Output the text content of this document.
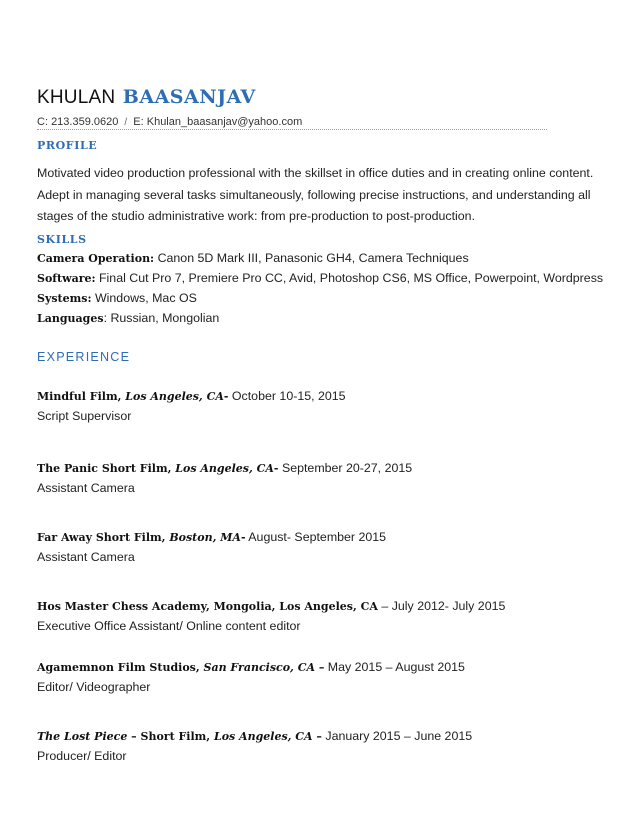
KHULAN BAASANJAV
C: 213.359.0620 / E: Khulan_baasanjav@yahoo.com
PROFILE
Motivated video production professional with the skillset in office duties and in creating online content. Adept in managing several tasks simultaneously, following precise instructions, and understanding all stages of the studio administrative work: from pre-production to post-production.
SKILLS
Camera Operation: Canon 5D Mark III, Panasonic GH4, Camera Techniques
Software: Final Cut Pro 7, Premiere Pro CC, Avid, Photoshop CS6, MS Office, Powerpoint, Wordpress
Systems: Windows, Mac OS
Languages: Russian, Mongolian
EXPERIENCE
Mindful Film, Los Angeles, CA- October 10-15, 2015
Script Supervisor
The Panic Short Film, Los Angeles, CA- September 20-27, 2015
Assistant Camera
Far Away Short Film, Boston, MA- August- September 2015
Assistant Camera
Hos Master Chess Academy, Mongolia, Los Angeles, CA – July 2012- July 2015
Executive Office Assistant/ Online content editor
Agamemnon Film Studios, San Francisco, CA – May 2015 – August 2015
Editor/ Videographer
The Lost Piece – Short Film, Los Angeles, CA – January 2015 – June 2015
Producer/ Editor
